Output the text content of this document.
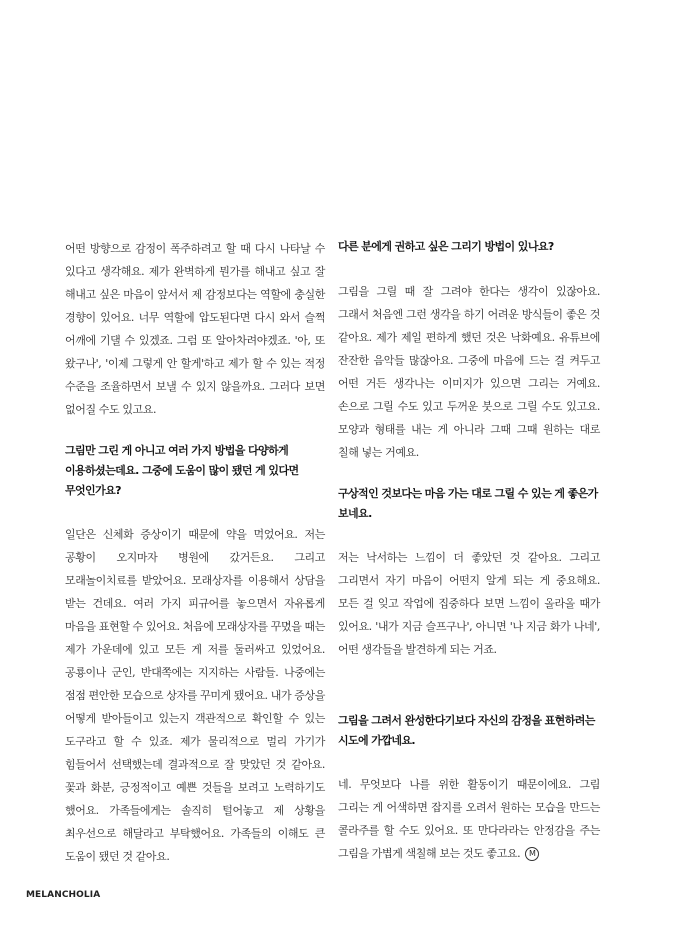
어떤 방향으로 감정이 폭주하려고 할 때 다시 나타날 수 있다고 생각해요. 제가 완벽하게 뭔가를 해내고 싶고 잘 해내고 싶은 마음이 앞서서 제 감정보다는 역할에 충실한 경향이 있어요. 너무 역할에 압도된다면 다시 와서 슬쩍 어깨에 기댈 수 있겠죠. 그럼 또 알아차려야겠죠. '아, 또 왔구나', '이제 그렇게 안 할게'하고 제가 할 수 있는 적정 수준을 조율하면서 보낼 수 있지 않을까요. 그러다 보면 없어질 수도 있고요.

그림만 그린 게 아니고 여러 가지 방법을 다양하게 이용하셨는데요. 그중에 도움이 많이 됐던 게 있다면 무엇인가요?

일단은 신체화 증상이기 때문에 약을 먹었어요. 저는 공황이 오지마자 병원에 갔거든요. 그리고 모래놀이치료를 받았어요. 모래상자를 이용해서 상담을 받는 건데요. 여러 가지 피규어를 놓으면서 자유롭게 마음을 표현할 수 있어요. 처음에 모래상자를 꾸몄을 때는 제가 가운데에 있고 모든 게 저를 둘러싸고 있었어요. 공룡이나 군인, 반대쪽에는 지지하는 사람들. 나중에는 점점 편안한 모습으로 상자를 꾸미게 됐어요. 내가 증상을 어떻게 받아들이고 있는지 객관적으로 확인할 수 있는 도구라고 할 수 있죠. 제가 물리적으로 멀리 가기가 힘들어서 선택했는데 결과적으로 잘 맞았던 것 같아요. 꽃과 화분, 긍정적이고 예쁜 것들을 보려고 노력하기도 했어요. 가족들에게는 솔직히 털어놓고 제 상황을 최우선으로 해달라고 부탁했어요. 가족들의 이해도 큰 도움이 됐던 것 같아요.

다른 분에게 권하고 싶은 그리기 방법이 있나요?

그림을 그릴 때 잘 그려야 한다는 생각이 있잖아요. 그래서 처음엔 그런 생각을 하기 어려운 방식들이 좋은 것 같아요. 제가 제일 편하게 했던 것은 낙화예요. 유튜브에 잔잔한 음악들 많잖아요. 그중에 마음에 드는 걸 켜두고 어떤 거든 생각나는 이미지가 있으면 그리는 거예요. 손으로 그릴 수도 있고 두꺼운 붓으로 그릴 수도 있고요. 모양과 형태를 내는 게 아니라 그때 그때 원하는 대로 칠해 넣는 거예요.

구상적인 것보다는 마음 가는 대로 그릴 수 있는 게 좋은가 보네요.

저는 낙서하는 느낌이 더 좋았던 것 같아요. 그리고 그리면서 자기 마음이 어떤지 알게 되는 게 중요해요. 모든 걸 잊고 작업에 집중하다 보면 느낌이 올라올 때가 있어요. '내가 지금 슬프구나', 아니면 '나 지금 화가 나네', 어떤 생각들을 발견하게 되는 거죠.

그림을 그려서 완성한다기보다 자신의 감정을 표현하려는 시도에 가깝네요.

네. 무엇보다 나를 위한 활동이기 때문이에요. 그림 그리는 게 어색하면 잡지를 오려서 원하는 모습을 만드는 콜라주를 할 수도 있어요. 또 만다라라는 안정감을 주는 그림을 가볍게 색칠해 보는 것도 좋고요. M

MELANCHOLIA
